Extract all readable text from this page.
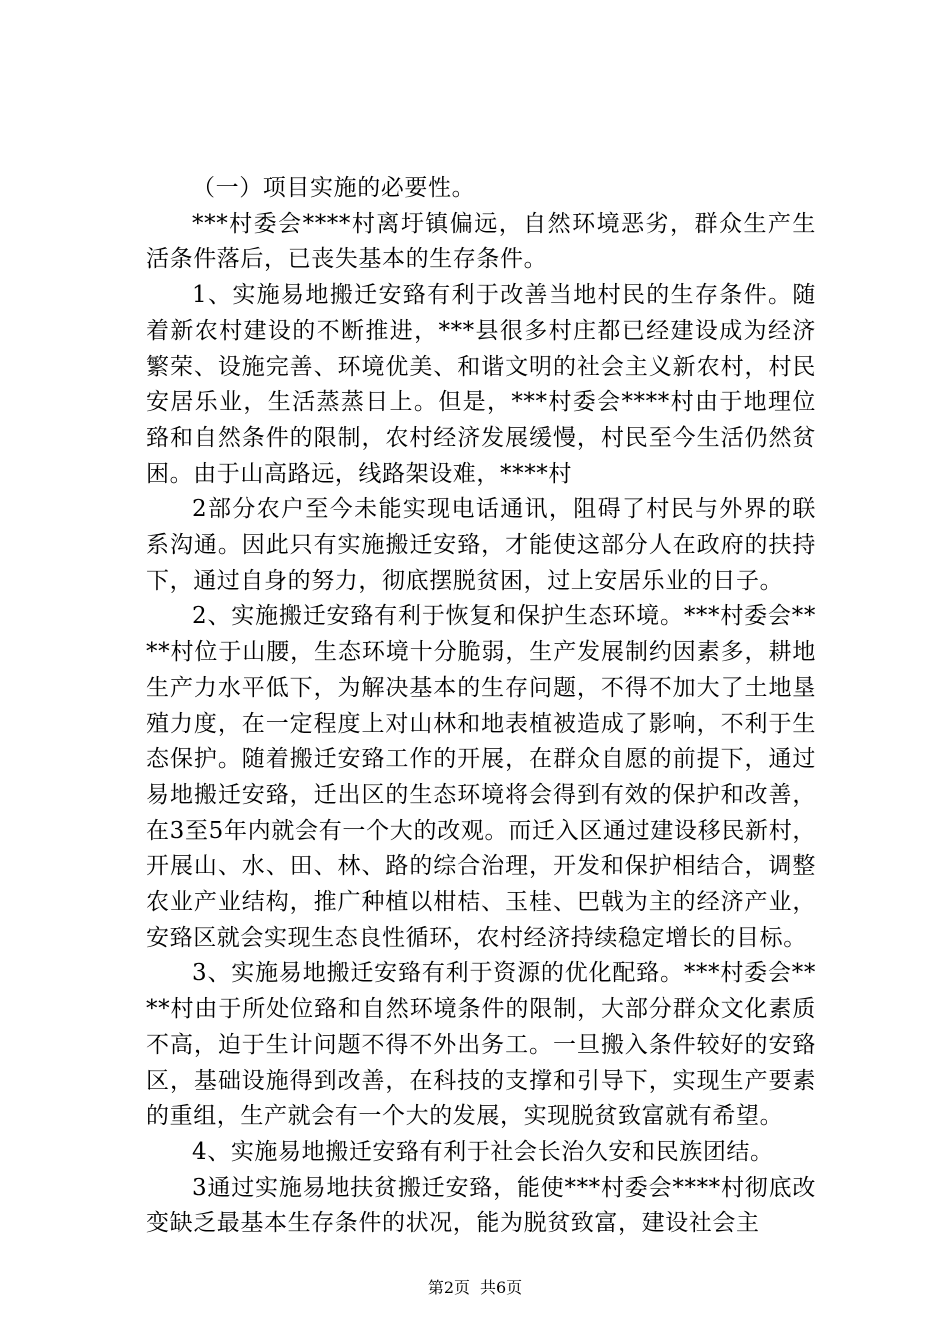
（一）项目实施的必要性。

***村委会****村离圩镇偏远，自然环境恶劣，群众生产生活条件落后，已丧失基本的生存条件。

1、实施易地搬迁安臵有利于改善当地村民的生存条件。随着新农村建设的不断推进，***县很多村庄都已经建设成为经济繁荣、设施完善、环境优美、和谐文明的社会主义新农村，村民安居乐业，生活蒸蒸日上。但是，***村委会****村由于地理位臵和自然条件的限制，农村经济发展缓慢，村民至今生活仍然贫困。由于山高路远，线路架设难，****村

2部分农户至今未能实现电话通讯，阻碍了村民与外界的联系沟通。因此只有实施搬迁安臵，才能使这部分人在政府的扶持下，通过自身的努力，彻底摆脱贫困，过上安居乐业的日子。

2、实施搬迁安臵有利于恢复和保护生态环境。***村委会****村位于山腰，生态环境十分脆弱，生产发展制约因素多，耕地生产力水平低下，为解决基本的生存问题，不得不加大了土地垦殖力度，在一定程度上对山林和地表植被造成了影响，不利于生态保护。随着搬迁安臵工作的开展，在群众自愿的前提下，通过易地搬迁安臵，迁出区的生态环境将会得到有效的保护和改善，在3至5年内就会有一个大的改观。而迁入区通过建设移民新村，开展山、水、田、林、路的综合治理，开发和保护相结合，调整农业产业结构，推广种植以柑桔、玉桂、巴戟为主的经济产业，安臵区就会实现生态良性循环，农村经济持续稳定增长的目标。

3、实施易地搬迁安臵有利于资源的优化配臵。***村委会****村由于所处位臵和自然环境条件的限制，大部分群众文化素质不高，迫于生计问题不得不外出务工。一旦搬入条件较好的安臵区，基础设施得到改善，在科技的支撑和引导下，实现生产要素的重组，生产就会有一个大的发展，实现脱贫致富就有希望。

4、实施易地搬迁安臵有利于社会长治久安和民族团结。

3通过实施易地扶贫搬迁安臵，能使***村委会****村彻底改变缺乏最基本生存条件的状况，能为脱贫致富，建设社会主

第2页 共6页
